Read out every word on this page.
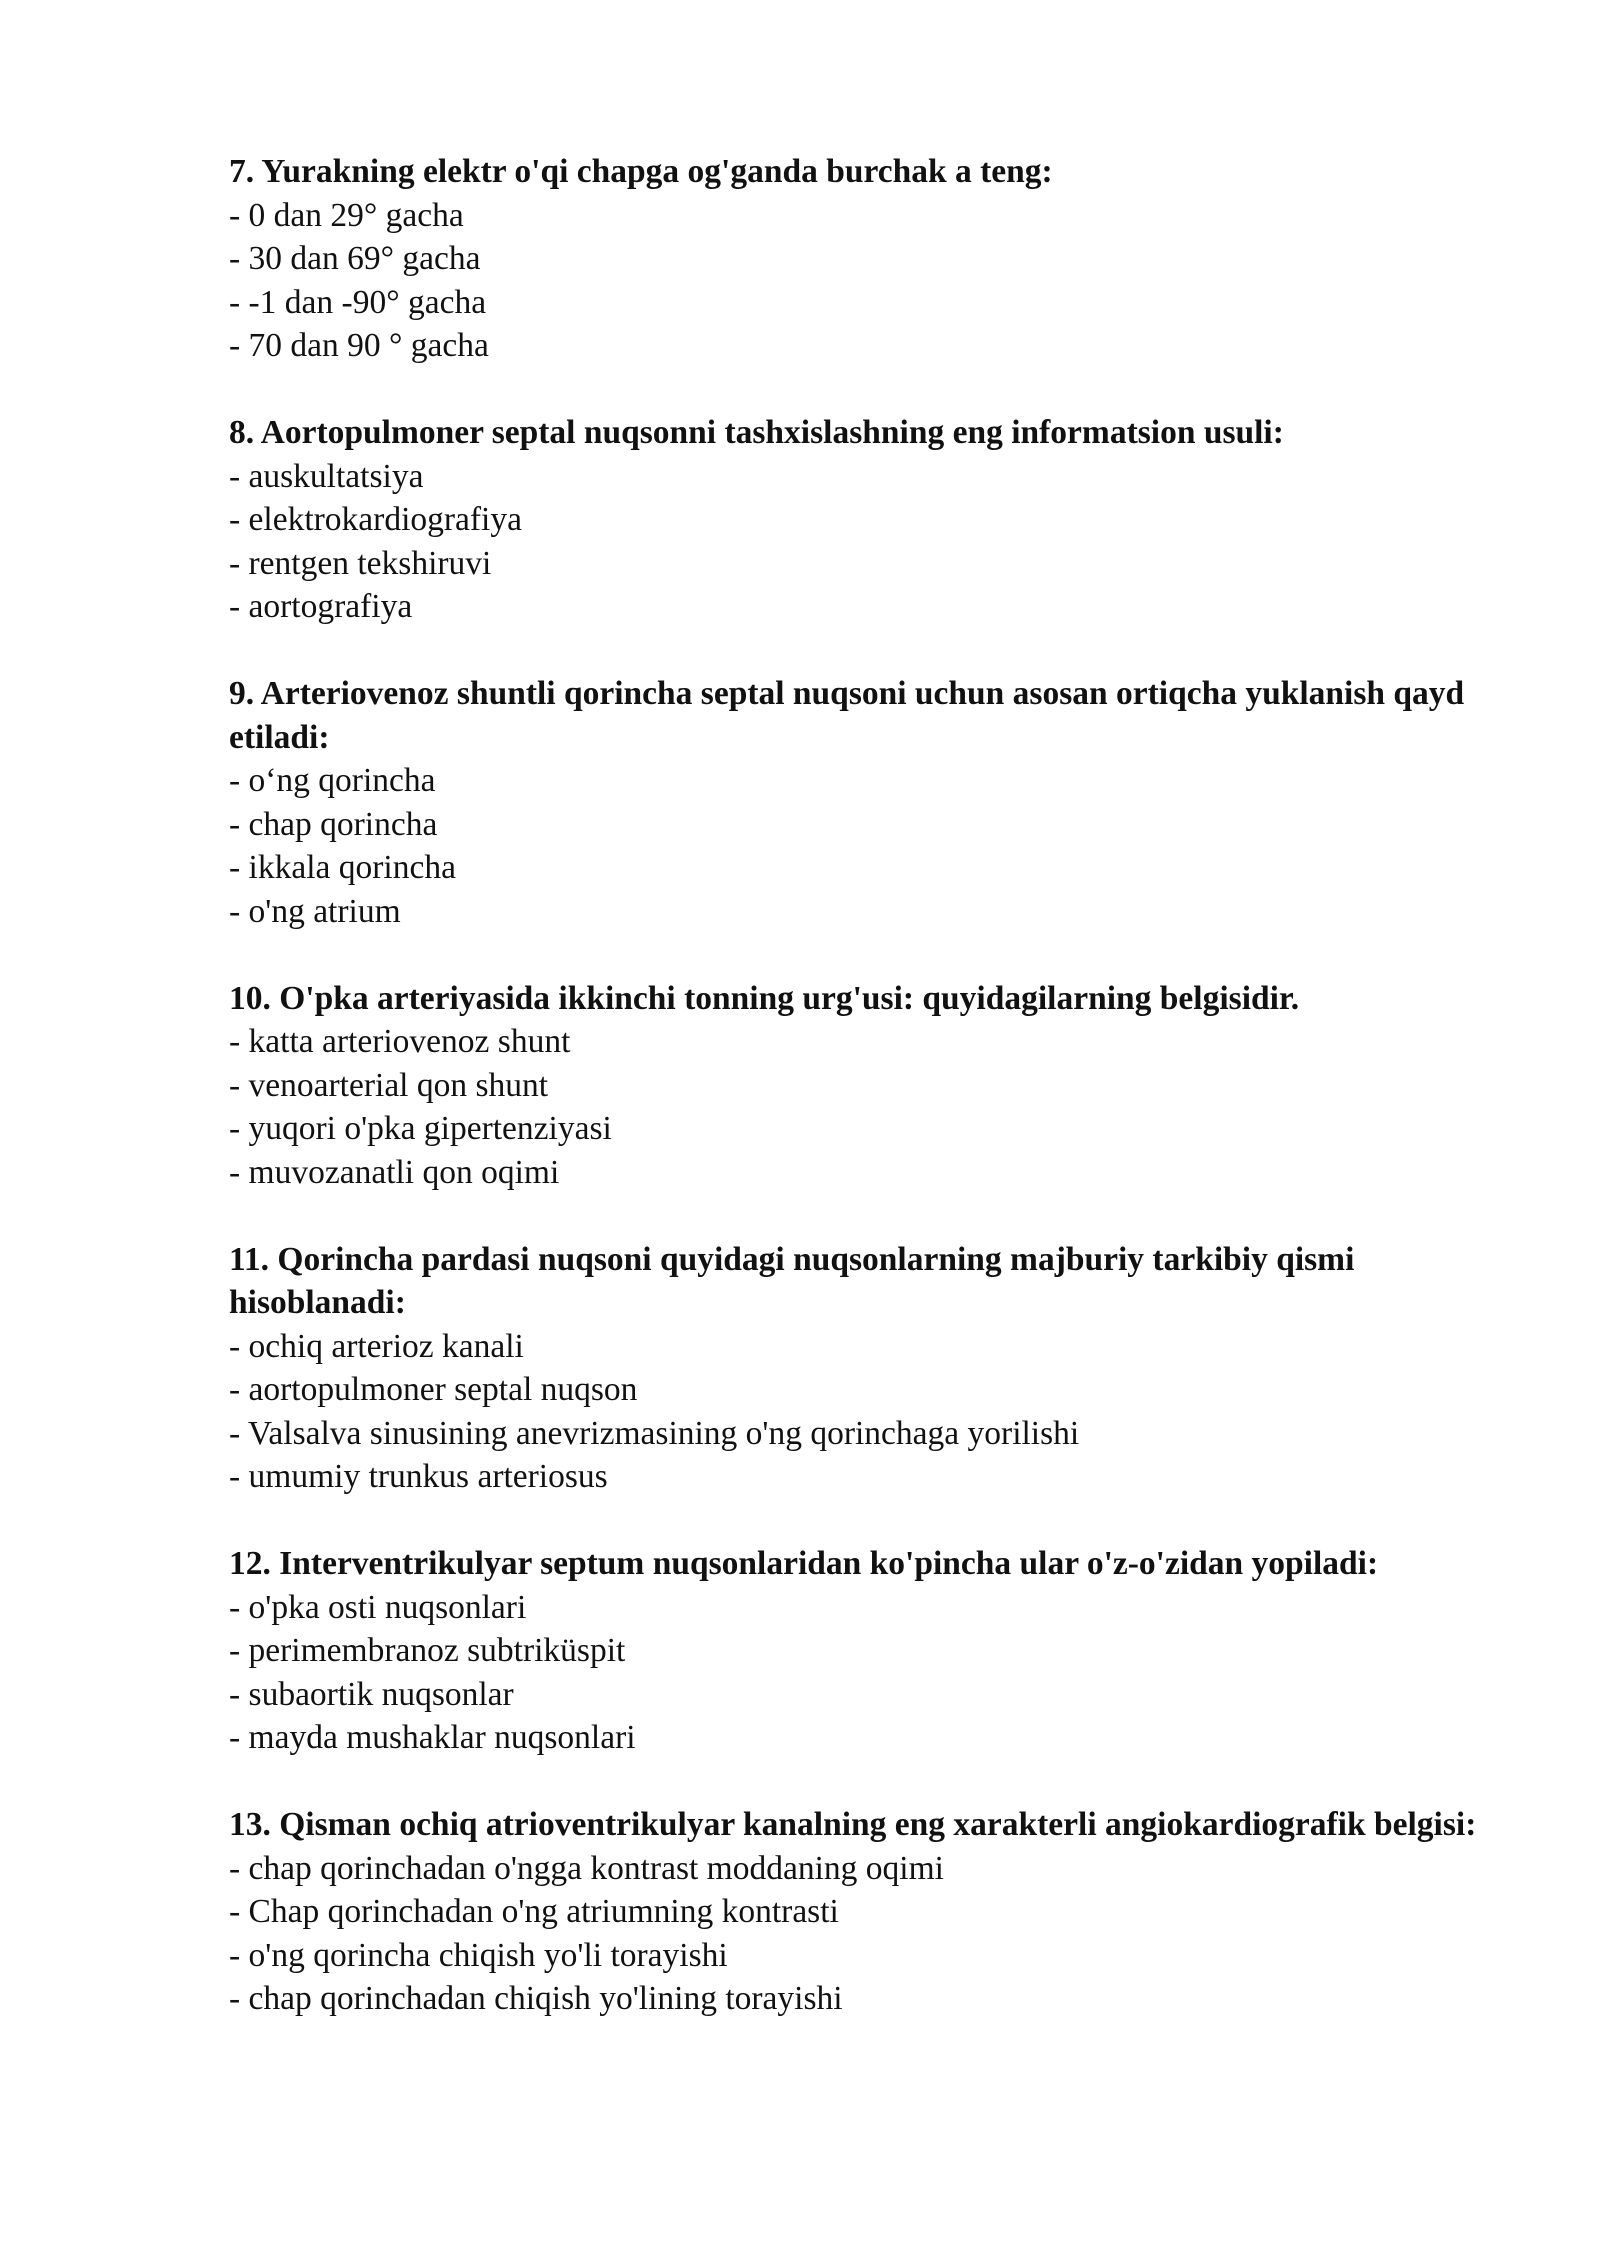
7. Yurakning elektr o'qi chapga og'ganda burchak a teng:

- 0 dan 29° gacha

- 30 dan 69° gacha

- -1 dan -90° gacha

- 70 dan 90 ° gacha

8. Aortopulmoner septal nuqsonni tashxislashning eng informatsion usuli:

- auskultatsiya

- elektrokardiografiya

- rentgen tekshiruvi

- aortografiya

9. Arteriovenoz shuntli qorincha septal nuqsoni uchun asosan ortiqcha yuklanish qayd etiladi:

- o‘ng qorincha

- chap qorincha

- ikkala qorincha

- o'ng atrium

10. O'pka arteriyasida ikkinchi tonning urg'usi: quyidagilarning belgisidir.

- katta arteriovenoz shunt

- venoarterial qon shunt

- yuqori o'pka gipertenziyasi

- muvozanatli qon oqimi

11. Qorincha pardasi nuqsoni quyidagi nuqsonlarning majburiy tarkibiy qismi hisoblanadi:

- ochiq arterioz kanali

- aortopulmoner septal nuqson

- Valsalva sinusining anevrizmasining o'ng qorinchaga yorilishi

- umumiy trunkus arteriosus

12. Interventrikulyar septum nuqsonlaridan ko'pincha ular o'z-o'zidan yopiladi:

- o'pka osti nuqsonlari

- perimembranoz subtriküspit

- subaortik nuqsonlar

- mayda mushaklar nuqsonlari

13. Qisman ochiq atrioventrikulyar kanalning eng xarakterli angiokardiografik belgisi:

- chap qorinchadan o'ngga kontrast moddaning oqimi

- Chap qorinchadan o'ng atriumning kontrasti

- o'ng qorincha chiqish yo'li torayishi

- chap qorinchadan chiqish yo'lining torayishi
